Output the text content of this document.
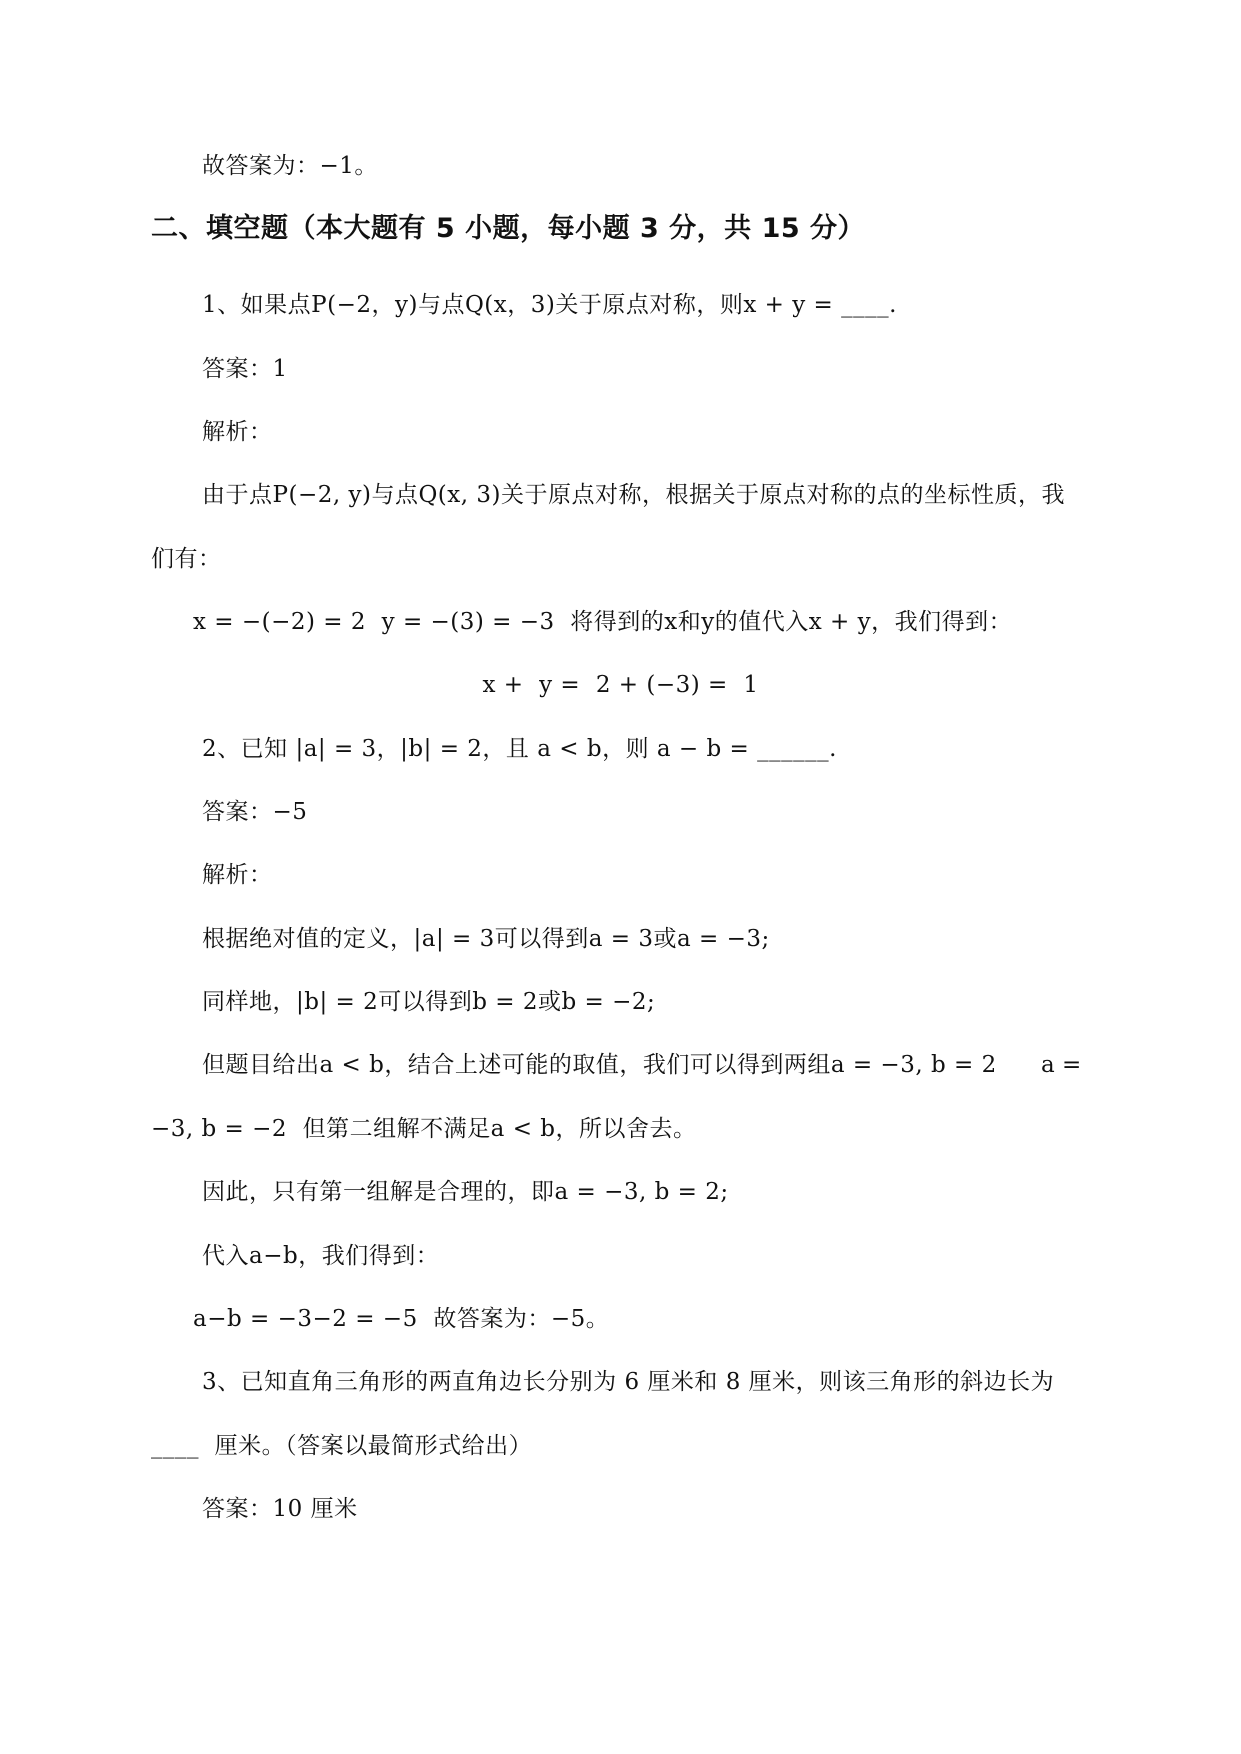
故答案为：−1。
二、填空题（本大题有 5 小题，每小题 3 分，共 15 分）
1、如果点P(−2，y)与点Q(x，3)关于原点对称，则x + y = ____.
答案：1
解析：
由于点P(−2, y)与点Q(x, 3)关于原点对称，根据关于原点对称的点的坐标性质，我
们有：
x = −(−2) = 2  y = −(3) = −3  将得到的x和y的值代入x + y，我们得到：
x +  y =  2 + (−3) =  1
2、已知 |a| = 3，|b| = 2，且 a < b，则 a − b = ______.
答案：−5
解析：
根据绝对值的定义，|a| = 3可以得到a = 3或a = −3;
同样地，|b| = 2可以得到b = 2或b = −2;
但题目给出a < b，结合上述可能的取值，我们可以得到两组a = −3, b = 2 a =
−3, b = −2  但第二组解不满足a < b，所以舍去。
因此，只有第一组解是合理的，即a = −3, b = 2;
代入a−b，我们得到：
a−b = −3−2 = −5  故答案为：−5。
3、已知直角三角形的两直角边长分别为 6 厘米和 8 厘米，则该三角形的斜边长为
____  厘米。（答案以最简形式给出）
答案：10 厘米
